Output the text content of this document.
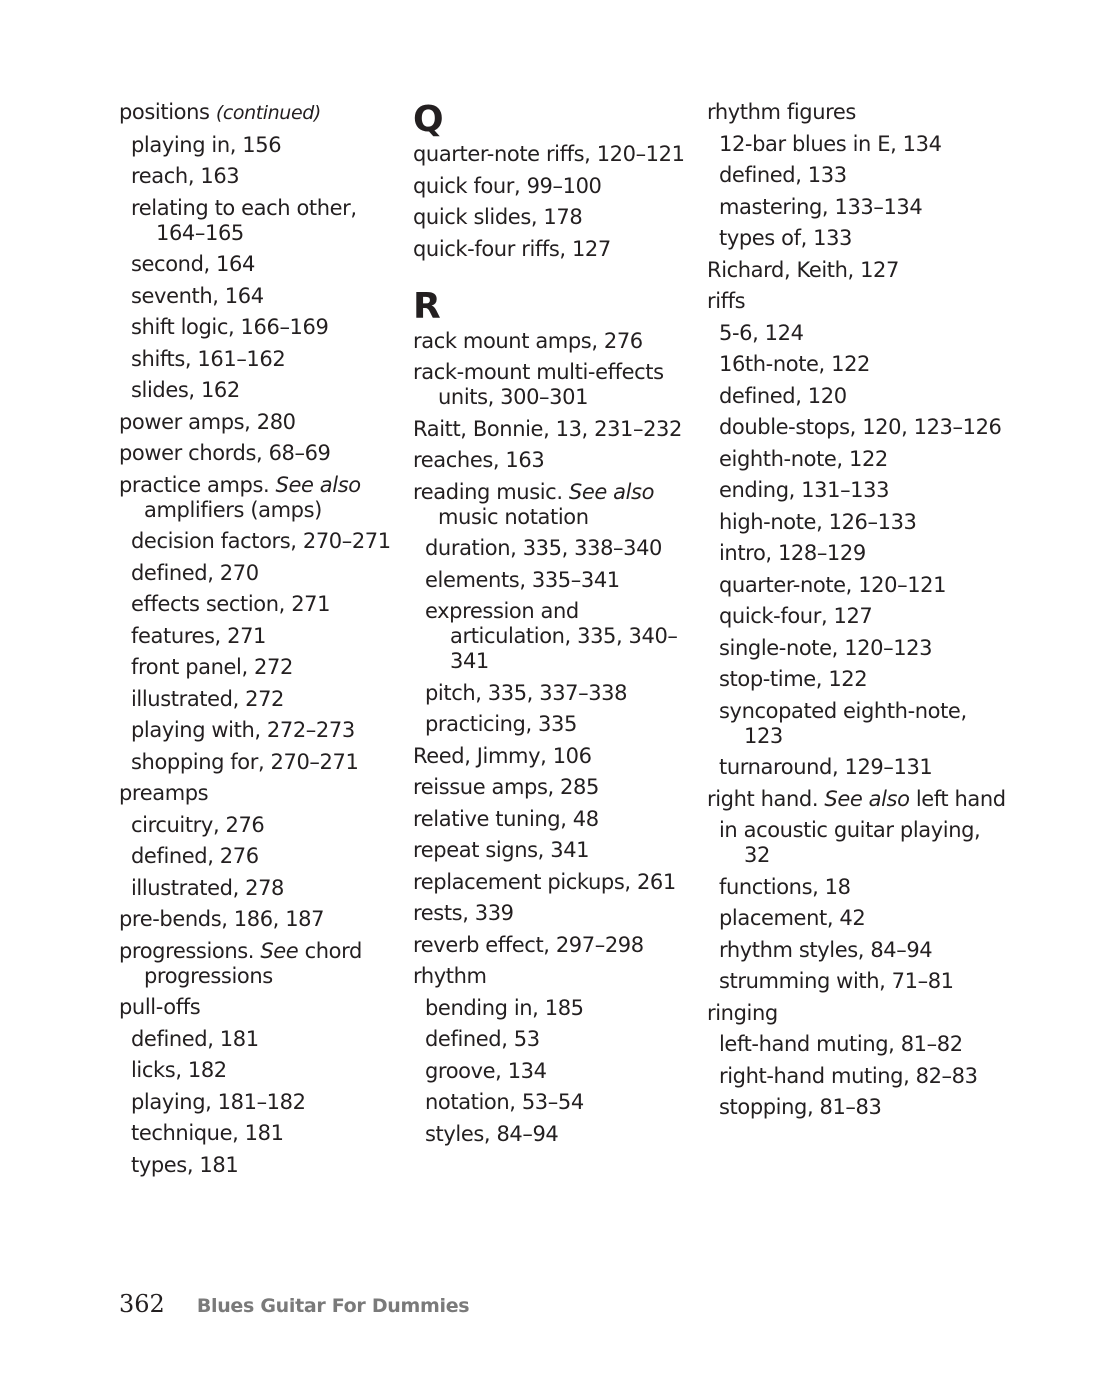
positions (continued)
playing in, 156
reach, 163
relating to each other, 164–165
second, 164
seventh, 164
shift logic, 166–169
shifts, 161–162
slides, 162
power amps, 280
power chords, 68–69
practice amps. See also amplifiers (amps)
decision factors, 270–271
defined, 270
effects section, 271
features, 271
front panel, 272
illustrated, 272
playing with, 272–273
shopping for, 270–271
preamps
circuitry, 276
defined, 276
illustrated, 278
pre-bends, 186, 187
progressions. See chord progressions
pull-offs
defined, 181
licks, 182
playing, 181–182
technique, 181
types, 181
Q
quarter-note riffs, 120–121
quick four, 99–100
quick slides, 178
quick-four riffs, 127
R
rack mount amps, 276
rack-mount multi-effects units, 300–301
Raitt, Bonnie, 13, 231–232
reaches, 163
reading music. See also music notation
duration, 335, 338–340
elements, 335–341
expression and articulation, 335, 340–341
pitch, 335, 337–338
practicing, 335
Reed, Jimmy, 106
reissue amps, 285
relative tuning, 48
repeat signs, 341
replacement pickups, 261
rests, 339
reverb effect, 297–298
rhythm
bending in, 185
defined, 53
groove, 134
notation, 53–54
styles, 84–94
rhythm figures
12-bar blues in E, 134
defined, 133
mastering, 133–134
types of, 133
Richard, Keith, 127
riffs
5-6, 124
16th-note, 122
defined, 120
double-stops, 120, 123–126
eighth-note, 122
ending, 131–133
high-note, 126–133
intro, 128–129
quarter-note, 120–121
quick-four, 127
single-note, 120–123
stop-time, 122
syncopated eighth-note, 123
turnaround, 129–131
right hand. See also left hand
in acoustic guitar playing, 32
functions, 18
placement, 42
rhythm styles, 84–94
strumming with, 71–81
ringing
left-hand muting, 81–82
right-hand muting, 82–83
stopping, 81–83
362 Blues Guitar For Dummies
